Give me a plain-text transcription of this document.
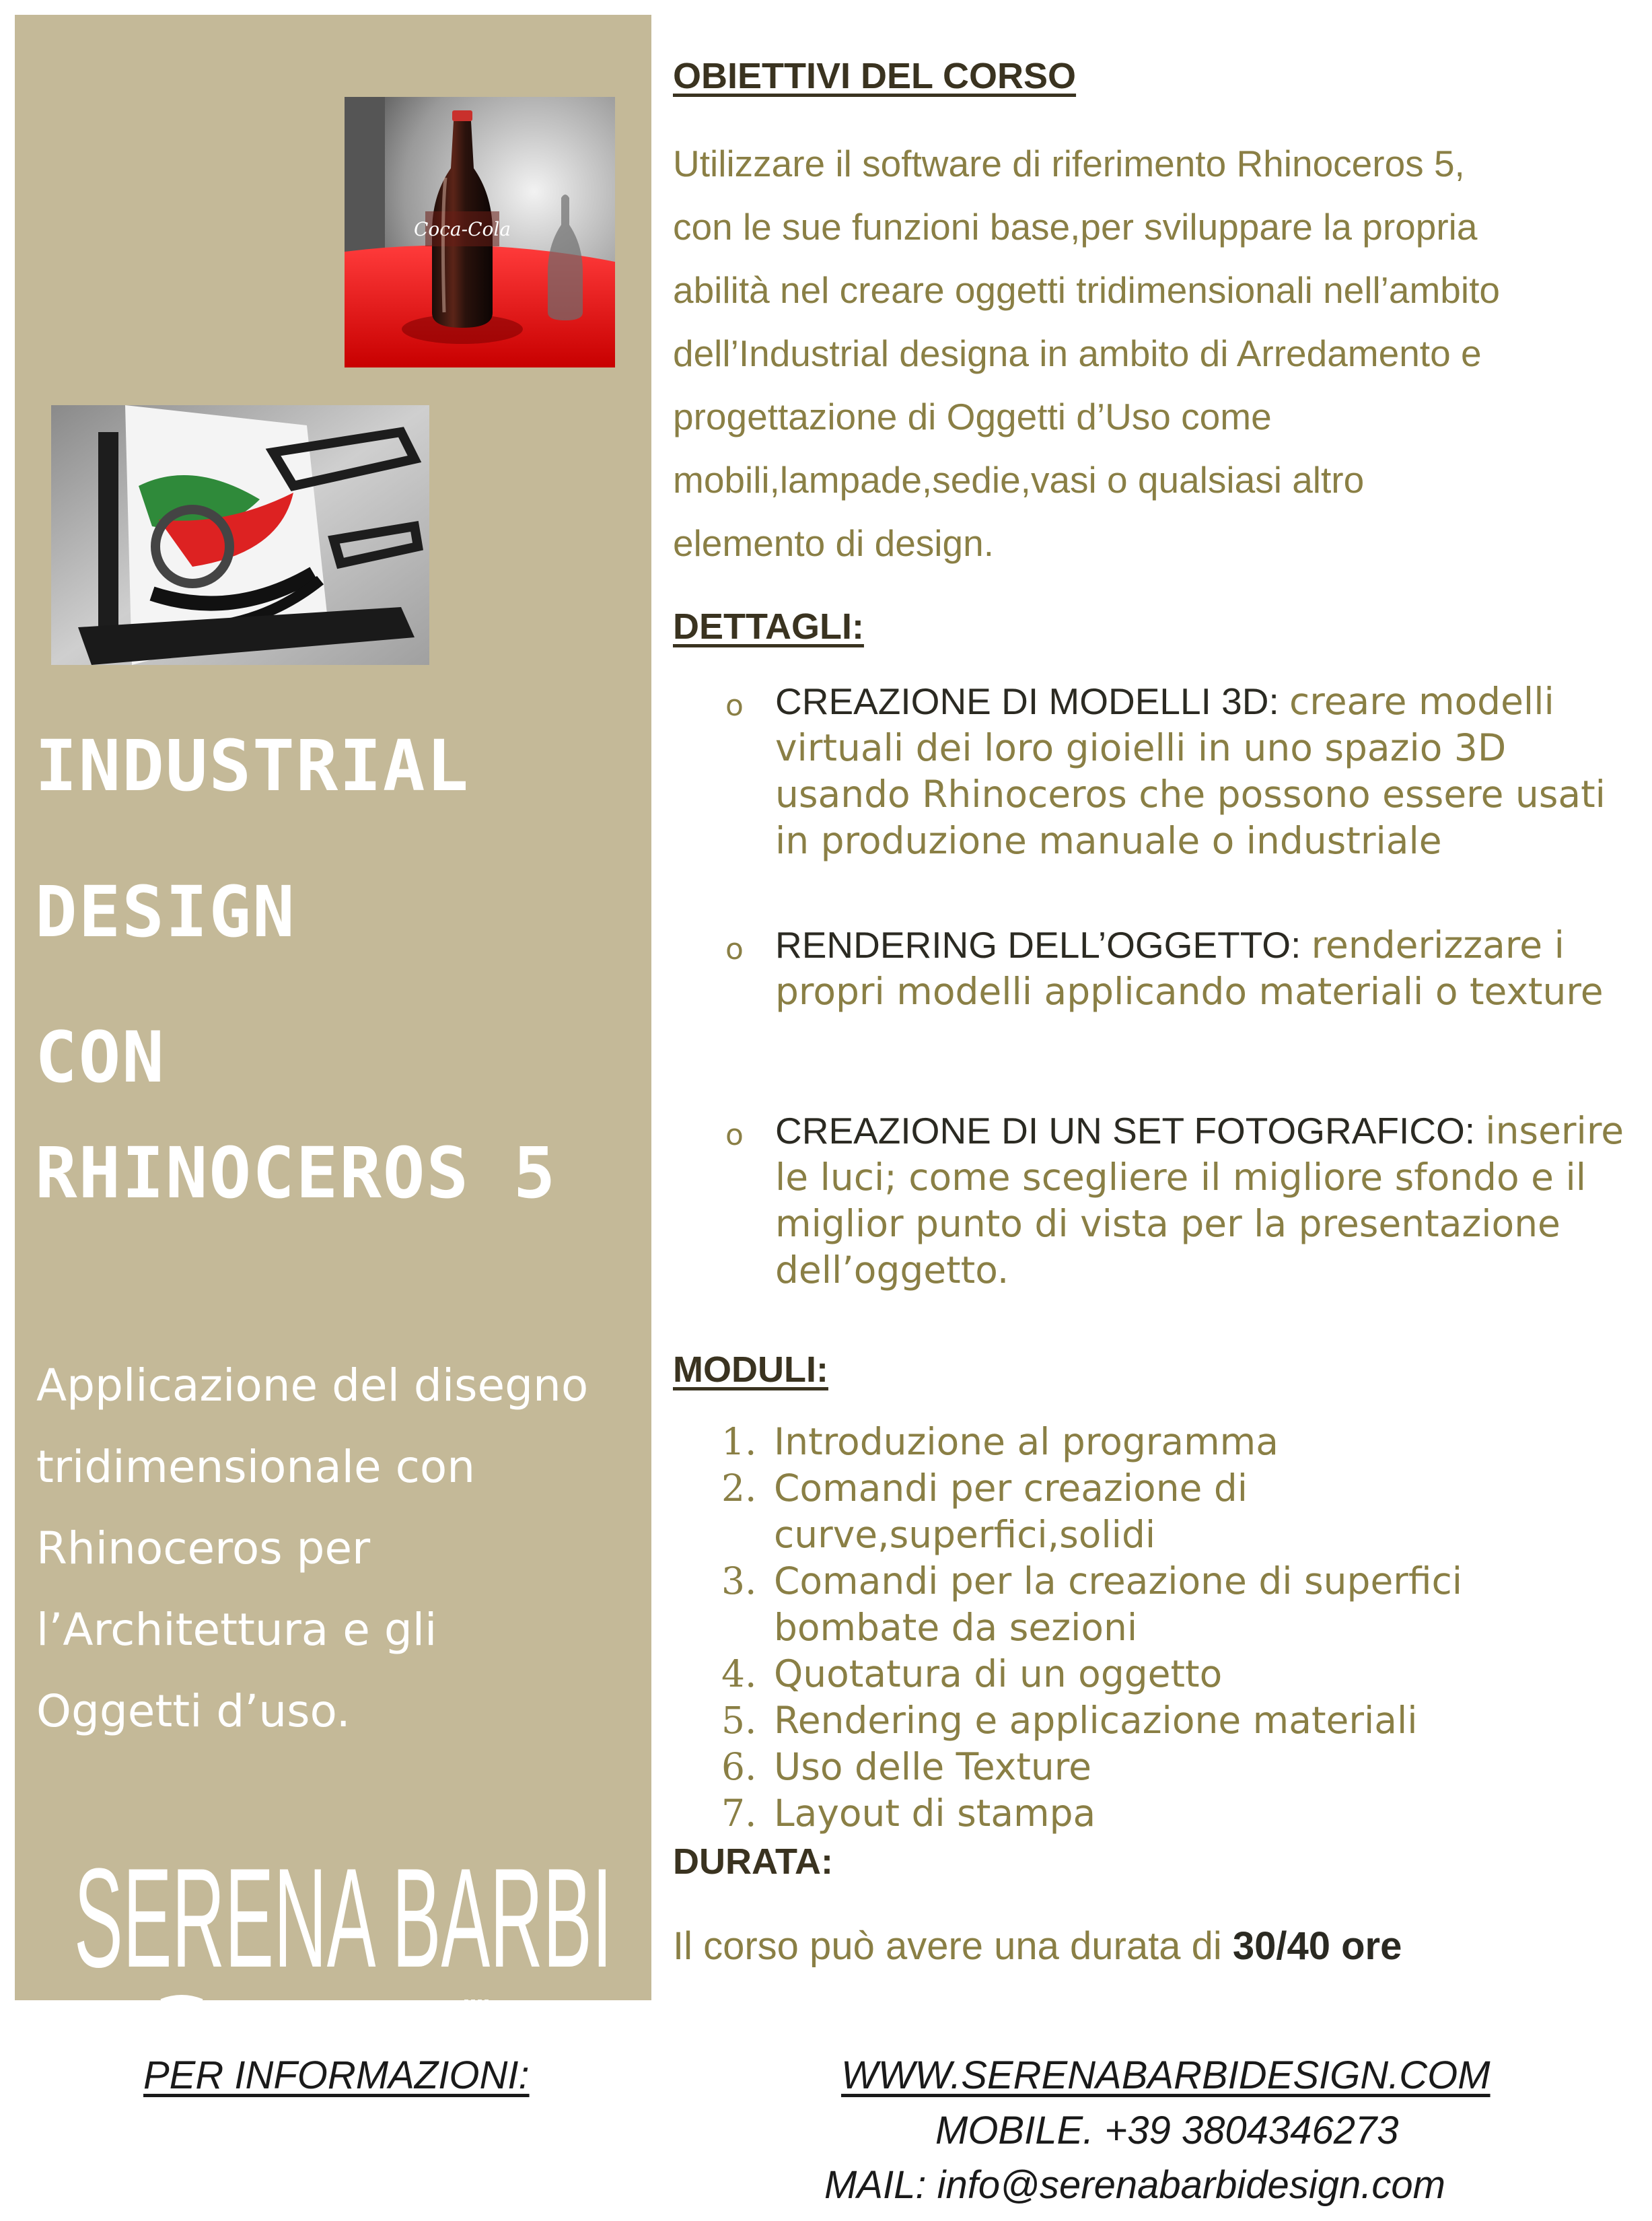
Coca-Cola
INDUSTRIAL
DESIGN
CON
RHINOCEROS 5
Applicazione del disegno
tridimensionale con
Rhinoceros per
l’Architettura e gli
Oggetti d’uso.
SERENA BARBI
OBIETTIVI DEL CORSO
Utilizzare il software di riferimento Rhinoceros 5,
con le sue funzioni base,per sviluppare la propria
abilità nel creare oggetti tridimensionali nell’ambito
dell’Industrial designa in ambito di Arredamento e
progettazione di Oggetti d’Uso come
mobili,lampade,sedie,vasi o qualsiasi altro
elemento di design.
DETTAGLI:
o CREAZIONE DI MODELLI 3D: creare modelli virtuali dei loro gioielli in uno spazio 3D usando Rhinoceros che possono essere usati in produzione manuale o industriale
o RENDERING DELL’OGGETTO: renderizzare i propri modelli applicando materiali o texture
o CREAZIONE DI UN SET FOTOGRAFICO: inserire le luci; come scegliere il migliore sfondo e il miglior punto di vista per la presentazione dell’oggetto.
MODULI:
1. Introduzione al programma
2. Comandi per creazione di curve,superfici,solidi
3. Comandi per la creazione di superfici bombate da sezioni
4. Quotatura di un oggetto
5. Rendering e applicazione materiali
6. Uso delle Texture
7. Layout di stampa
DURATA:
Il corso può avere una durata di 30/40 ore
PER INFORMAZIONI:	WWW.SERENABARBIDESIGN.COM
MOBILE. +39 3804346273
MAIL: info@serenabarbidesign.com
